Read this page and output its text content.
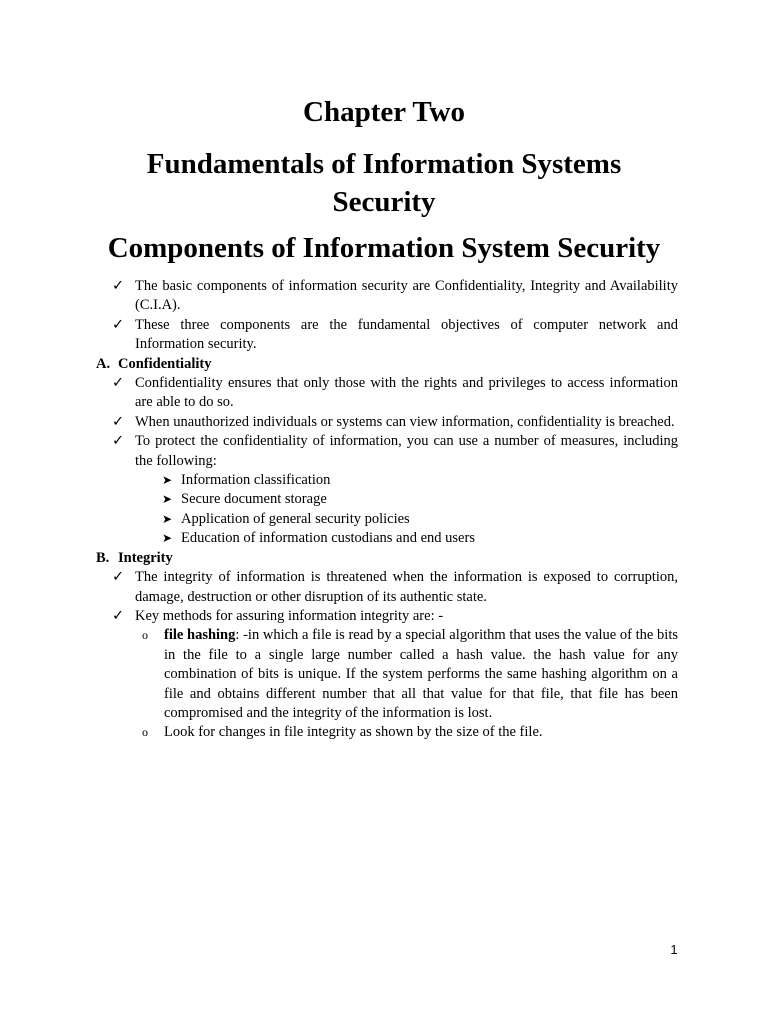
Chapter Two
Fundamentals of Information Systems Security
Components of Information System Security
✓ The basic components of information security are Confidentiality, Integrity and Availability (C.I.A).
✓ These three components are the fundamental objectives of computer network and Information security.
A. Confidentiality
✓ Confidentiality ensures that only those with the rights and privileges to access information are able to do so.
✓ When unauthorized individuals or systems can view information, confidentiality is breached.
✓ To protect the confidentiality of information, you can use a number of measures, including the following:
➤ Information classification
➤ Secure document storage
➤ Application of general security policies
➤ Education of information custodians and end users
B. Integrity
✓ The integrity of information is threatened when the information is exposed to corruption, damage, destruction or other disruption of its authentic state.
✓ Key methods for assuring information integrity are: -
o file hashing: -in which a file is read by a special algorithm that uses the value of the bits in the file to a single large number called a hash value. the hash value for any combination of bits is unique. If the system performs the same hashing algorithm on a file and obtains different number that all that value for that file, that file has been compromised and the integrity of the information is lost.
o Look for changes in file integrity as shown by the size of the file.
1
